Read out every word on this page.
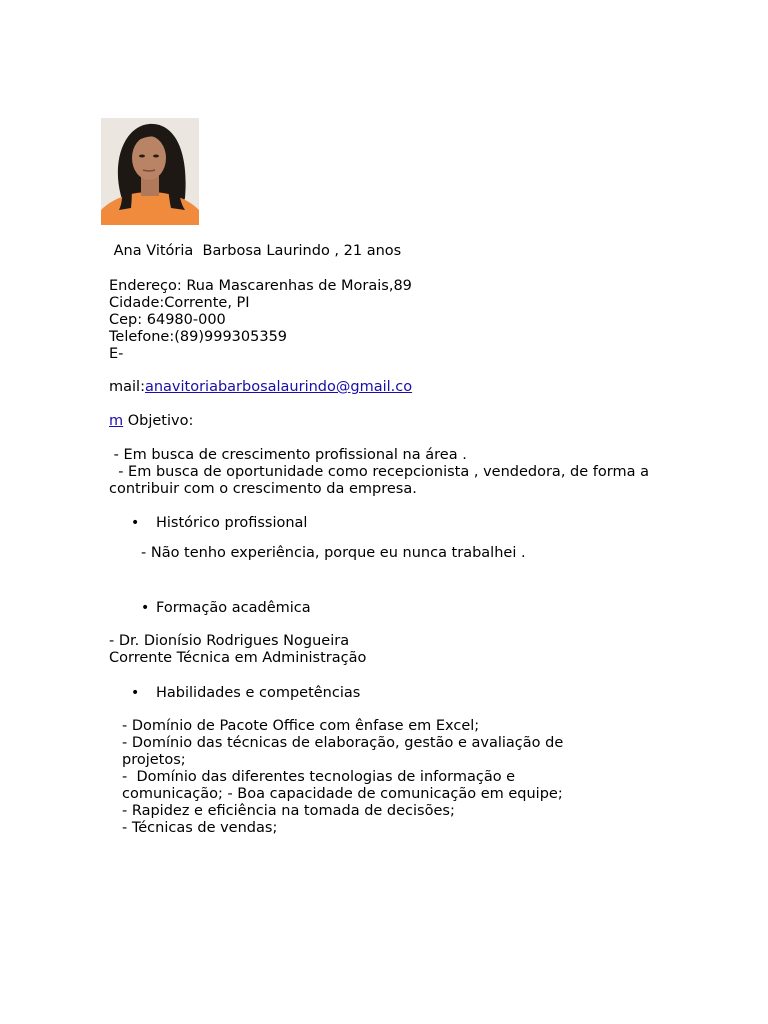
Ana Vitória  Barbosa Laurindo , 21 anos
Endereço: Rua Mascarenhas de Morais,89
Cidade:Corrente, PI
Cep: 64980-000
Telefone:(89)999305359
E-
mail:anavitoriabarbosalaurindo@gmail.co
m Objetivo:
- Em busca de crescimento profissional na área .
- Em busca de oportunidade como recepcionista , vendedora, de forma a
contribuir com o crescimento da empresa.
• Histórico profissional
- Não tenho experiência, porque eu nunca trabalhei .
• Formação acadêmica
- Dr. Dionísio Rodrigues Nogueira
Corrente Técnica em Administração
• Habilidades e competências
- Domínio de Pacote Office com ênfase em Excel;
- Domínio das técnicas de elaboração, gestão e avaliação de
projetos;
-  Domínio das diferentes tecnologias de informação e
comunicação; - Boa capacidade de comunicação em equipe;
- Rapidez e eficiência na tomada de decisões;
- Técnicas de vendas;
